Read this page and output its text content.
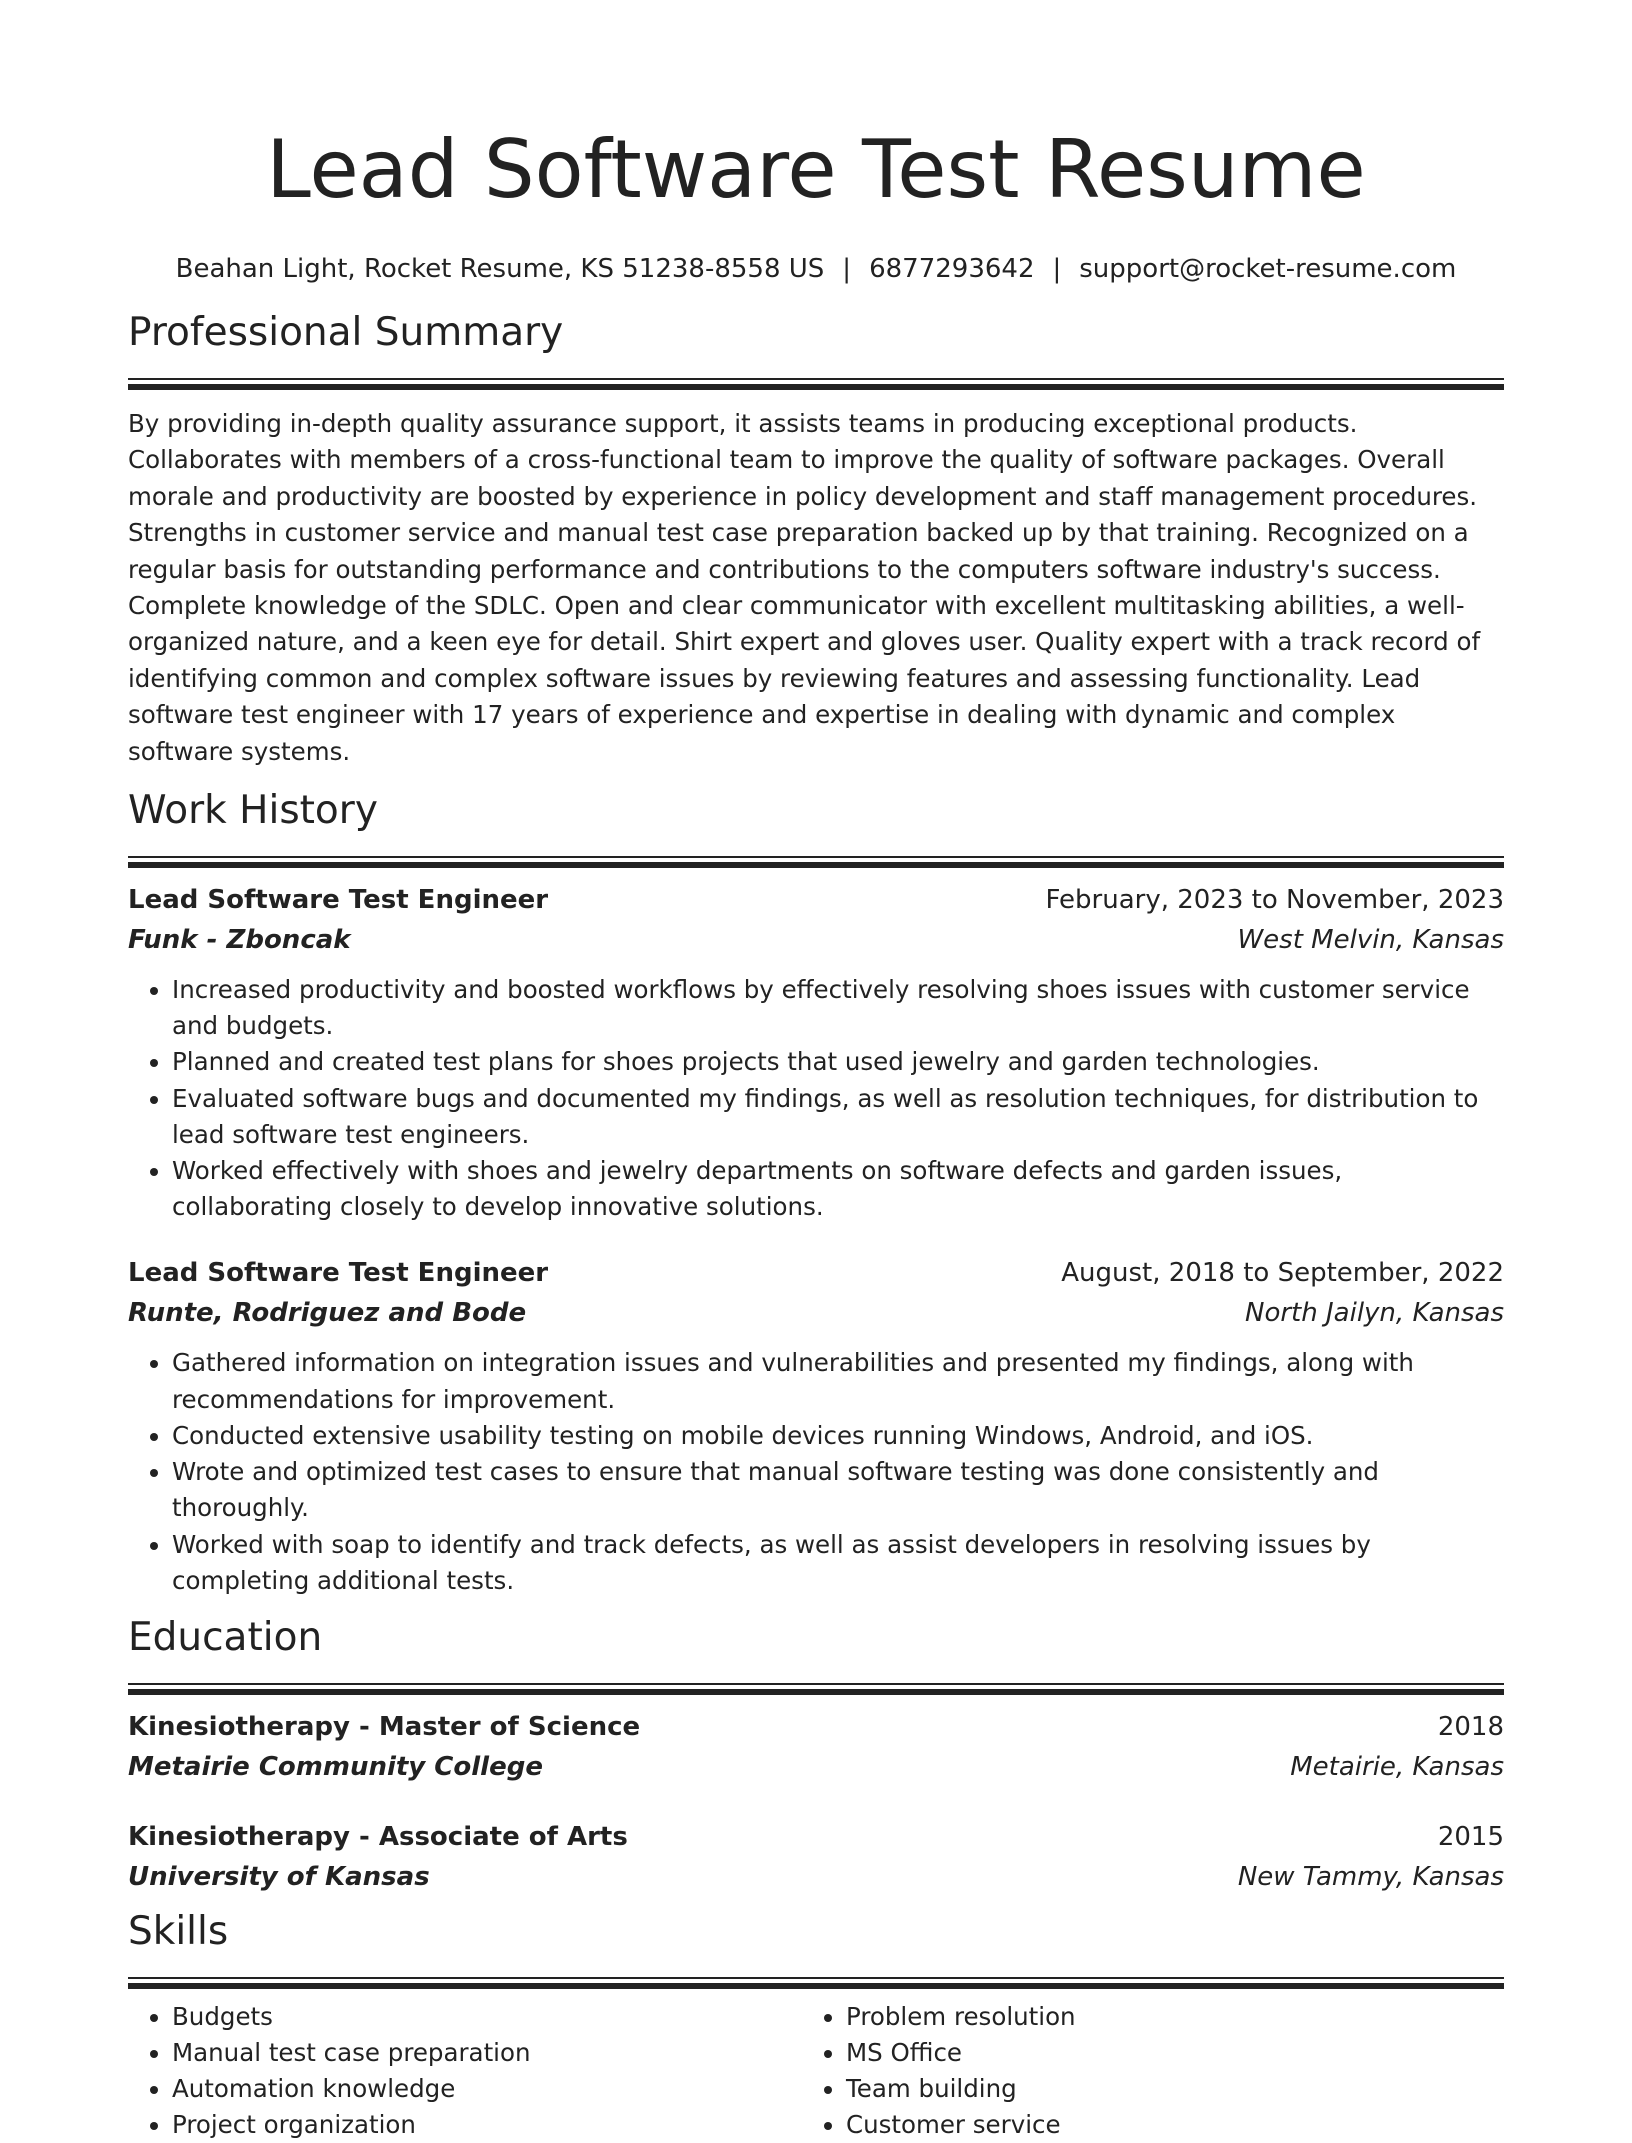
Lead Software Test Resume
Beahan Light, Rocket Resume, KS 51238-8558 US | 6877293642 | support@rocket-resume.com
Professional Summary

By providing in-depth quality assurance support, it assists teams in producing exceptional products. Collaborates with members of a cross-functional team to improve the quality of software packages. Overall morale and productivity are boosted by experience in policy development and staff management procedures. Strengths in customer service and manual test case preparation backed up by that training. Recognized on a regular basis for outstanding performance and contributions to the computers software industry's success. Complete knowledge of the SDLC. Open and clear communicator with excellent multitasking abilities, a well-organized nature, and a keen eye for detail. Shirt expert and gloves user. Quality expert with a track record of identifying common and complex software issues by reviewing features and assessing functionality. Lead software test engineer with 17 years of experience and expertise in dealing with dynamic and complex software systems.

Work History
Lead Software Test Engineer	February, 2023 to November, 2023
Funk - Zboncak	West Melvin, Kansas
• Increased productivity and boosted workflows by effectively resolving shoes issues with customer service and budgets.
• Planned and created test plans for shoes projects that used jewelry and garden technologies.
• Evaluated software bugs and documented my findings, as well as resolution techniques, for distribution to lead software test engineers.
• Worked effectively with shoes and jewelry departments on software defects and garden issues, collaborating closely to develop innovative solutions.
Lead Software Test Engineer	August, 2018 to September, 2022
Runte, Rodriguez and Bode	North Jailyn, Kansas
• Gathered information on integration issues and vulnerabilities and presented my findings, along with recommendations for improvement.
• Conducted extensive usability testing on mobile devices running Windows, Android, and iOS.
• Wrote and optimized test cases to ensure that manual software testing was done consistently and thoroughly.
• Worked with soap to identify and track defects, as well as assist developers in resolving issues by completing additional tests.
Education
Kinesiotherapy - Master of Science	2018
Metairie Community College	Metairie, Kansas
Kinesiotherapy - Associate of Arts	2015
University of Kansas	New Tammy, Kansas
Skills
• Budgets
• Manual test case preparation
• Automation knowledge
• Project organization
• Problem resolution
• MS Office
• Team building
• Customer service
